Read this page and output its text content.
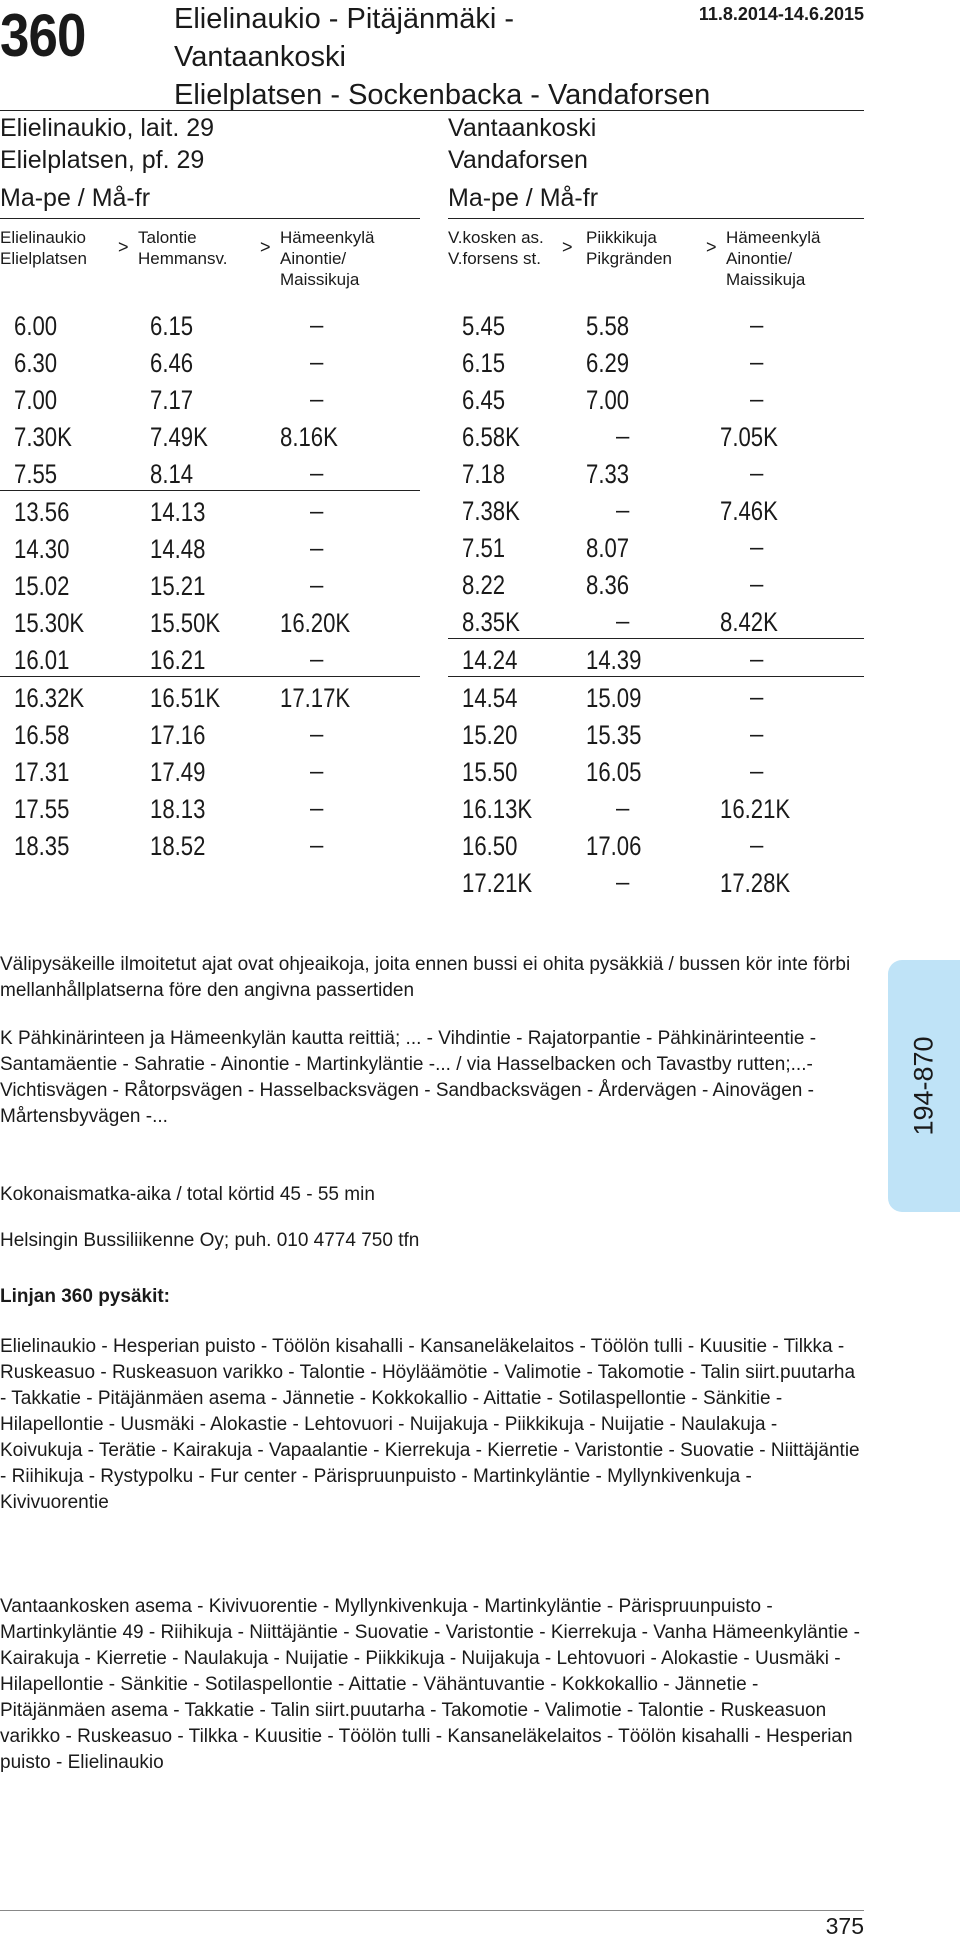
360	Elielinaukio - Pitäjänmäki -
Vantaankoski
Elielplatsen - Sockenbacka - Vandaforsen
11.8.2014-14.6.2015

Elielinaukio, lait. 29

Elielplatsen, pf. 29

Ma-pe / Må-fr

Elielinaukio
Elielplatsen
> Talontie
Hemmansv.
> Hämeenkylä
Ainontie/
Maissikuja
6.00	6.15	–
6.30	6.46	–
7.00	7.17	–
7.30K	7.49K	8.16K
7.55	8.14	–
13.56	14.13	–
14.30	14.48	–
15.02	15.21	–
15.30K 15.50K 16.20K
16.01	16.21	–
16.32K 16.51K 17.17K
16.58	17.16	–
17.31	17.49	–
17.55	18.13	–
18.35	18.52	–

Vantaankoski

Vandaforsen

Ma-pe / Må-fr

V.kosken as.
V.forsens st.
> Piikkikuja
Pikgränden
> Hämeenkylä
Ainontie/
Maissikuja
5.45	5.58	–
6.15	6.29	–
6.45	7.00	–
6.58K	–	7.05K
7.18	7.33	–
7.38K	–	7.46K
7.51	8.07	–
8.22	8.36	–
8.35K	–	8.42K
14.24	14.39	–
14.54	15.09	–
15.20	15.35	–
15.50	16.05	–
16.13K	–	16.21K
16.50	17.06	–
17.21K	–	17.28K
Välipysäkeille ilmoitetut ajat ovat ohjeaikoja, joita ennen bussi ei ohita pysäkkiä / bussen kör inte förbi mellanhållplatserna före den angivna passertiden
K Pähkinärinteen ja Hämeenkylän kautta reittiä; ... - Vihdintie - Rajatorpantie - Pähkinärinteentie - Santamäentie - Sahratie - Ainontie - Martinkyläntie -... / via Hasselbacken och Tavastby rutten;...- Vichtisvägen - Råtorpsvägen - Hasselbacksvägen - Sandbacksvägen - Årdervägen - Ainovägen - Mårtensbyvägen -...
Kokonaismatka-aika / total körtid 45 - 55 min
Helsingin Bussiliikenne Oy; puh. 010 4774 750 tfn
Linjan 360 pysäkit:
Elielinaukio - Hesperian puisto - Töölön kisahalli - Kansaneläkelaitos - Töölön tulli - Kuusitie - Tilkka - Ruskeasuo - Ruskeasuon varikko - Talontie - Höyläämötie - Valimotie - Takomotie - Talin siirt.puutarha - Takkatie - Pitäjänmäen asema - Jännetie - Kokkokallio - Aittatie - Sotilaspellontie - Sänkitie - Hilapellontie - Uusmäki - Alokastie - Lehtovuori - Nuijakuja - Piikkikuja - Nuijatie - Naulakuja - Koivukuja - Terätie - Kairakuja - Vapaalantie - Kierrekuja - Kierretie - Varistontie - Suovatie - Niittäjäntie - Riihikuja - Rystypolku - Fur center - Pärispruunpuisto - Martinkyläntie - Myllynkivenkuja - Kivivuorentie
Vantaankosken asema - Kivivuorentie - Myllynkivenkuja - Martinkyläntie - Pärispruunpuisto - Martinkyläntie 49 - Riihikuja - Niittäjäntie - Suovatie - Varistontie - Kierrekuja - Vanha Hämeenkyläntie - Kairakuja - Kierretie - Naulakuja - Nuijatie - Piikkikuja - Nuijakuja - Lehtovuori - Alokastie - Uusmäki - Hilapellontie - Sänkitie - Sotilaspellontie - Aittatie - Vähäntuvantie - Kokkokallio - Jännetie - Pitäjänmäen asema - Takkatie - Talin siirt.puutarha - Takomotie - Valimotie - Talontie - Ruskeasuon varikko - Ruskeasuo - Tilkka - Kuusitie - Töölön tulli - Kansaneläkelaitos - Töölön kisahalli - Hesperian puisto - Elielinaukio
194-870
375
